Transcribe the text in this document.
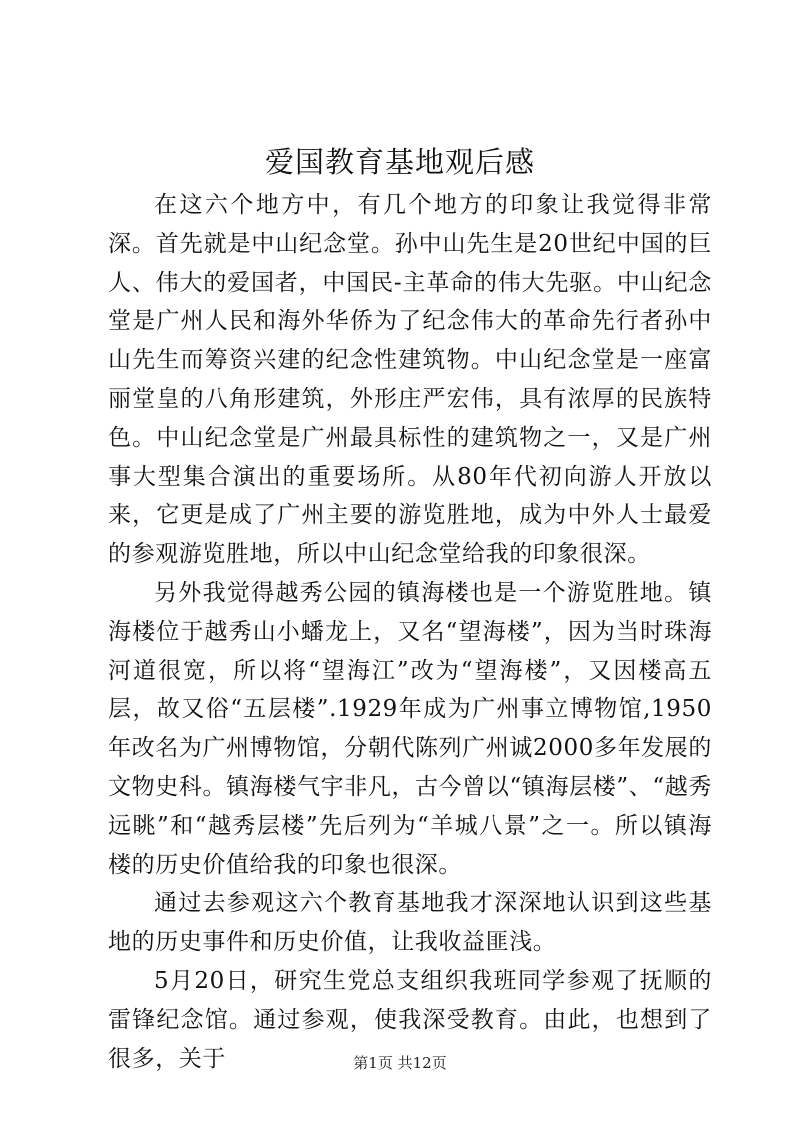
爱国教育基地观后感

在这六个地方中，有几个地方的印象让我觉得非常深。首先就是中山纪念堂。孙中山先生是20世纪中国的巨人、伟大的爱国者，中国民-主革命的伟大先驱。中山纪念堂是广州人民和海外华侨为了纪念伟大的革命先行者孙中山先生而筹资兴建的纪念性建筑物。中山纪念堂是一座富丽堂皇的八角形建筑，外形庄严宏伟，具有浓厚的民族特色。中山纪念堂是广州最具标性的建筑物之一，又是广州事大型集合演出的重要场所。从80年代初向游人开放以来，它更是成了广州主要的游览胜地，成为中外人士最爱的参观游览胜地，所以中山纪念堂给我的印象很深。

另外我觉得越秀公园的镇海楼也是一个游览胜地。镇海楼位于越秀山小蟠龙上，又名“望海楼”，因为当时珠海河道很宽，所以将“望海江”改为“望海楼”，又因楼高五层，故又俗“五层楼”.1929年成为广州事立博物馆,1950年改名为广州博物馆，分朝代陈列广州诚2000多年发展的文物史科。镇海楼气宇非凡，古今曾以“镇海层楼”、“越秀远眺”和“越秀层楼”先后列为“羊城八景”之一。所以镇海楼的历史价值给我的印象也很深。

通过去参观这六个教育基地我才深深地认识到这些基地的历史事件和历史价值，让我收益匪浅。

5月20日，研究生党总支组织我班同学参观了抚顺的雷锋纪念馆。通过参观，使我深受教育。由此，也想到了很多，关于	第1页 共12页
